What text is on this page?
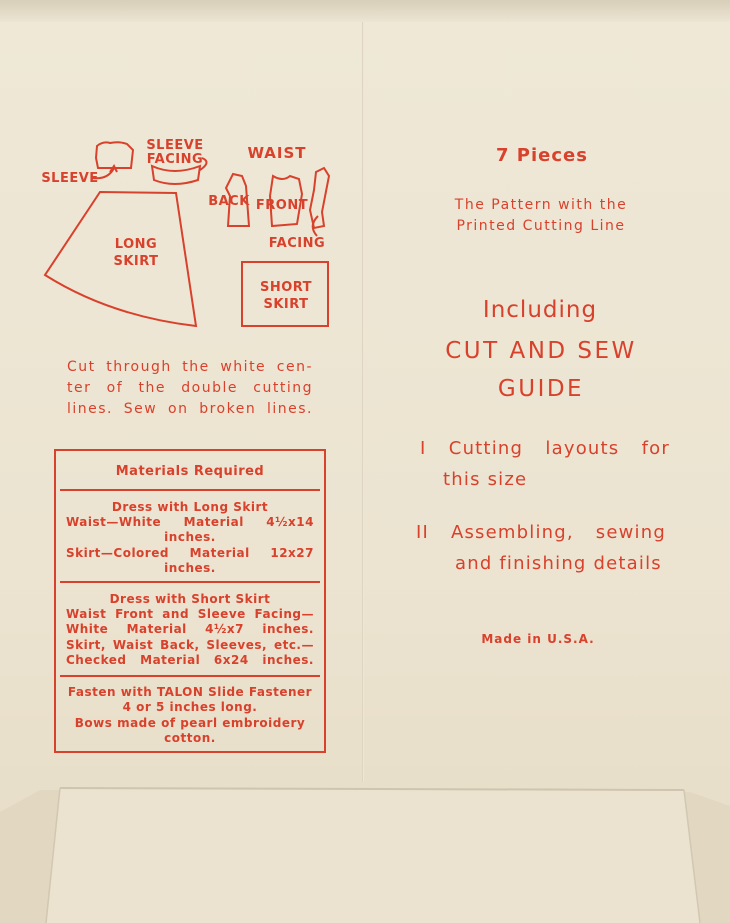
SLEEVE
SLEEVE
FACING	WAIST
BACK FRONT
FACING
LONG
SKIRT
SHORT
SKIRT
Cut through the white cen-
ter of the double cutting
lines. Sew on broken lines.
Materials Required
Dress with Long Skirt
Waist—White Material 4½x14
inches.
Skirt—Colored Material 12x27
inches.
Dress with Short Skirt
Waist Front and Sleeve Facing—
White Material 4½x7 inches.
Skirt, Waist Back, Sleeves, etc.—
Checked Material 6x24 inches.
Fasten with TALON Slide Fastener
4 or 5 inches long.
Bows made of pearl embroidery
cotton.
7 Pieces
The Pattern with the
Printed Cutting Line
Including
CUT AND SEW
GUIDE
I Cutting layouts for
this size
II Assembling, sewing
and finishing details
Made in U.S.A.
